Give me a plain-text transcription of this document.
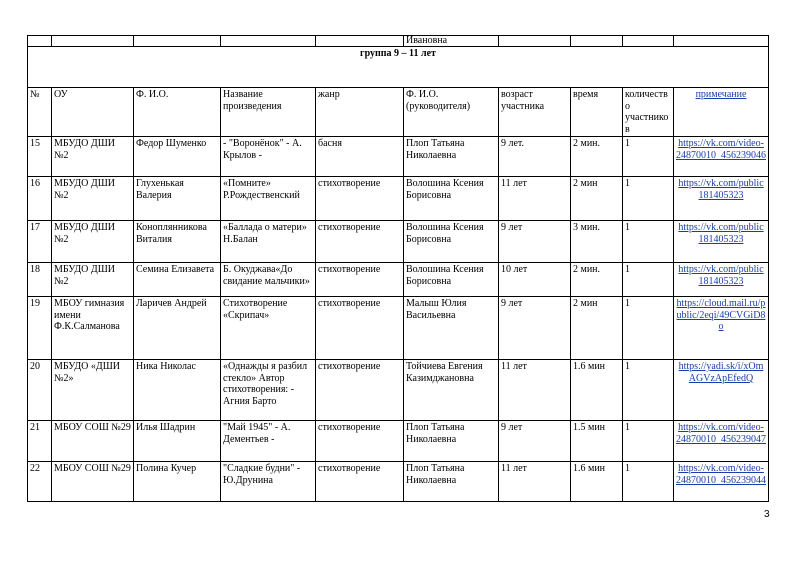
					Ивановна				
группа 9 – 11 лет									
№	ОУ	Ф. И.О.	Название произведения	жанр	Ф. И.О. (руководителя)	возраст участника	время	количество участников	примечание
15	МБУДО ДШИ №2	Федор Шуменко	- "Воронёнок" - А. Крылов -	басня	Плоп Татьяна Николаевна	9 лет.	2 мин.	1	https://vk.com/video-24870010_456239046
16	МБУДО ДШИ №2	Глухенькая Валерия	«Помните» Р.Рождественский	стихотворение	Волошина Ксения Борисовна	11 лет	2 мин	1	https://vk.com/public181405323
17	МБУДО ДШИ №2	Коноплянникова Виталия	«Баллада о матери» Н.Балан	стихотворение	Волошина Ксения Борисовна	9 лет	3 мин.	1	https://vk.com/public181405323
18	МБУДО ДШИ №2	Семина Елизавета	Б. Окуджава«До свидание мальчики»	стихотворение	Волошина Ксения Борисовна	10 лет	2 мин.	1	https://vk.com/public181405323
19	МБОУ гимназия имени Ф.К.Салманова	Ларичев Андрей	Стихотворение «Скрипач»	стихотворение	Малыш Юлия Васильевна	9 лет	2 мин	1	https://cloud.mail.ru/public/2eqi/49CVGiD8o
20	МБУДО «ДШИ №2»	Ника Николас	«Однажды я разбил стекло» Автор стихотворения: - Агния Барто	стихотворение	Тойчиева Евгения Казимджановна	11 лет	1.6 мин	1	https://yadi.sk/i/xOmAGVzApEfedQ
21	МБОУ СОШ №29	Илья Шадрин	"Май 1945" - А. Дементьев -	стихотворение	Плоп Татьяна Николаевна	9 лет	1.5 мин	1	https://vk.com/video-24870010_456239047
22	МБОУ СОШ №29	Полина Кучер	"Сладкие будни" - Ю.Друнина	стихотворение	Плоп Татьяна Николаевна	11 лет	1.6 мин	1	https://vk.com/video-24870010_456239044
3
